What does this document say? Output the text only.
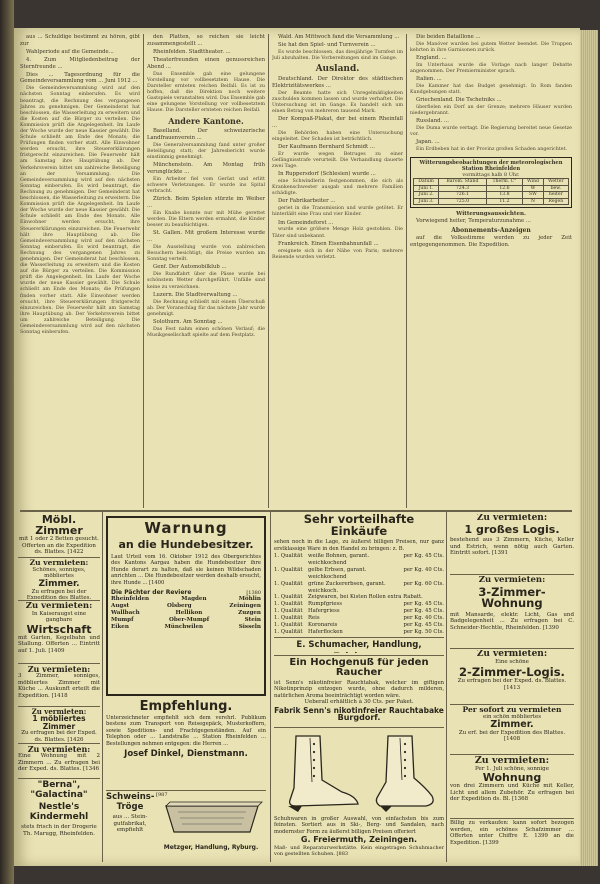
aus ... Schuldige bestimmt zu hören, gibt zur

Wahlperiode auf die Gemeinde...

4. Zum Mitgliedenbeitrag der Sternfreunde ...

Dies ... Tagesordnung für die Gemeindeversammlung vom ... Juni 1912 ...

Die Gemeindeversammlung wird auf den nächsten Sonntag einberufen. Es wird beantragt, die Rechnung des vergangenen Jahres zu genehmigen. Der Gemeinderat hat beschlossen, die Wasserleitung zu erweitern und die Kosten auf die Bürger zu verteilen. Die Kommission prüft die Angelegenheit. Im Laufe der Woche wurde der neue Kassier gewählt. Die Schule schließt am Ende des Monats; die Prüfungen finden vorher statt. Alle Einwohner werden ersucht, ihre Steuererklärungen fristgerecht einzureichen. Die Feuerwehr hält am Samstag ihre Hauptübung ab. Der Verkehrsverein bittet um zahlreiche Beteiligung an der Versammlung. Die Gemeindeversammlung wird auf den nächsten Sonntag einberufen. Es wird beantragt, die Rechnung zu genehmigen. Der Gemeinderat hat beschlossen, die Wasserleitung zu erweitern. Die Kommission prüft die Angelegenheit. Im Laufe der Woche wurde der neue Kassier gewählt. Die Schule schließt am Ende des Monats. Alle Einwohner werden ersucht, ihre Steuererklärungen einzureichen. Die Feuerwehr hält ihre Hauptübung ab. Die Gemeindeversammlung wird auf den nächsten Sonntag einberufen. Es wird beantragt, die Rechnung des vergangenen Jahres zu genehmigen. Der Gemeinderat hat beschlossen, die Wasserleitung zu erweitern und die Kosten auf die Bürger zu verteilen. Die Kommission prüft die Angelegenheit. Im Laufe der Woche wurde der neue Kassier gewählt. Die Schule schließt am Ende des Monats; die Prüfungen finden vorher statt. Alle Einwohner werden ersucht, ihre Steuererklärungen fristgerecht einzureichen. Die Feuerwehr hält am Samstag ihre Hauptübung ab. Der Verkehrsverein bittet um zahlreiche Beteiligung. Die Gemeindeversammlung wird auf den nächsten Sonntag einberufen.

den Platten, so reichen sie leicht zusammengestellt ...

Rheinfelden. Stadttheater. ...

Theaterfreunden einen genussreichen Abend ...

Das Ensemble gab eine gelungene Vorstellung vor vollbesetztem Hause. Die Darsteller ernteten reichen Beifall. Es ist zu hoffen, daß die Direktion noch weitere Gastspiele veranstalten wird. Das Ensemble gab eine gelungene Vorstellung vor vollbesetztem Hause. Die Darsteller ernteten reichen Beifall.

Andere Kantone.

Baselland. Der schweizerische Landfrauenverein ...

Die Generalversammlung fand unter großer Beteiligung statt; der Jahresbericht wurde einstimmig genehmigt.

Münchenstein. Am Montag früh verunglückte ...

Ein Arbeiter fiel vom Gerüst und erlitt schwere Verletzungen. Er wurde ins Spital verbracht.

Zürich. Beim Spielen stürzte im Weiher ...

Ein Knabe konnte nur mit Mühe gerettet werden. Die Eltern werden ermahnt, die Kinder besser zu beaufsichtigen.

St. Gallen. Mit großem Interesse wurde ...

Die Ausstellung wurde von zahlreichen Besuchern besichtigt; die Preise wurden am Sonntag verteilt.

Genf. Der Automobilklub ...

Die Rundfahrt über die Pässe wurde bei schönstem Wetter durchgeführt. Unfälle sind keine zu verzeichnen.

Luzern. Die Stadtverwaltung ...

Die Rechnung schließt mit einem Überschuß ab. Der Voranschlag für das nächste Jahr wurde genehmigt.

Solothurn. Am Sonntag ...

Das Fest nahm einen schönen Verlauf; die Musikgesellschaft spielte auf dem Festplatz.

Wald. Am Mittwoch fand die Versammlung ...

Sie hat den Spiel- und Turnverein ...

Es wurde beschlossen, das diesjährige Turnfest im Juli abzuhalten. Die Vorbereitungen sind im Gange.

Ausland.

Deutschland. Der Direktor des städtischen Elektrizitätswerkes ...

Der Beamte hatte sich Unregelmäßigkeiten zuschulden kommen lassen und wurde verhaftet. Die Untersuchung ist im Gange. Es handelt sich um einen Betrag von mehreren tausend Mark.

Der Kompaß-Plakat, der bei einem Rheinfall ...

Die Behörden haben eine Untersuchung eingeleitet. Der Schaden ist beträchtlich.

Der Kaufmann Bernhard Schmidt ...

Er wurde wegen Betruges zu einer Gefängnisstrafe verurteilt. Die Verhandlung dauerte zwei Tage.

In Ruppersdorf (Schlesien) wurde ...

eine Schwindlerin festgenommen, die sich als Krankenschwester ausgab und mehrere Familien schädigte.

Der Fabrikarbeiter ...

geriet in die Transmission und wurde getötet. Er hinterläßt eine Frau und vier Kinder.

Im Gemeindeforst ...

wurde eine größere Menge Holz gestohlen. Die Täter sind unbekannt.

Frankreich. Einen Eisenbahnunfall ...

ereignete sich in der Nähe von Paris; mehrere Reisende wurden verletzt.

Die beiden Bataillone ...

Die Manöver wurden bei gutem Wetter beendet. Die Truppen kehrten in ihre Garnisonen zurück.

England. ...

Im Unterhaus wurde die Vorlage nach langer Debatte angenommen. Der Premierminister sprach.

Italien. ...

Die Kammer hat das Budget genehmigt. In Rom fanden Kundgebungen statt.

Griechenland. Die Tschetniks ...

überfielen ein Dorf an der Grenze; mehrere Häuser wurden niedergebrannt.

Russland. ...

Die Duma wurde vertagt. Die Regierung bereitet neue Gesetze vor.

Japan. ...

Ein Erdbeben hat in der Provinz großen Schaden angerichtet.

Witterungsbeobachtungen der meteorologischen Station Rheinfelden
vormittags halb 8 Uhr.
Datum	Barom. Stand	Therm. C°	Wind	Wetter
Juni 1.	724.3	12.6	W	bew.
Juni 2.	726.1	13.8	SW	heiter
Juni 3.	725.0	11.2	N	Regen
Witterungsaussichten.

Vorwiegend heiter, Temperaturzunahme ...

Abonnements-Anzeigen

auf die Volksstimme werden zu jeder Zeit entgegengenommen. Die Expedition.

Möbl. Zimmer
mit 1 oder 2 Betten gesucht. Offerten an die Expedition ds. Blattes. [1422
Zu vermieten:
Schönes, sonniges, möbliertes
Zimmer.
Zu erfragen bei der Expedition des Blattes.
Zu vermieten:
In Kaiseraugst eine gangbare
Wirtschaft
mit Garten, Kegelbahn und Stallung. Offerten ... Eintritt auf 1. Juli. [1409
Zu vermieten:
3 Zimmer, sonniges, möbliertes Zimmer mit Küche ... Auskunft erteilt die Expedition. [1418
Zu vermieten:
1 möbliertes Zimmer
Zu erfragen bei der Exped. ds. Blattes. [1426
Zu vermieten:
Eine Wohnung mit 2 Zimmern ... Zu erfragen bei der Exped. ds. Blattes. [1346
"Berna", "Galactina"
Nestle's Kindermehl
stets frisch in der Drogerie Th. Marugg, Rheinfelden.
Warnung
an die Hundebesitzer.
Laut Urteil vom 16. Oktober 1912 des Obergerichtes des Kantons Aargau haben die Hundebesitzer ihre Hunde derart zu halten, daß sie keinen Wildschaden anrichten ... Die Hundebesitzer werden deshalb ersucht, ihre Hunde ... [1400
Die Pächter der Reviere	[1380
Rheinfelden	Magden	Möhlin
Augst	Olsberg	Zeiningen
Wallbach	Hellikon	Zuzgen
Mumpf	Ober-Mumpf	Stein
Eiken	Münchwilen	Sisseln
Empfehlung.
Unterzeichneter empfiehlt sich dem verehrl. Publikum bestens zum Transport von Reisegepäck, Musterkoffern, sowie Speditions- und Frachtgegenständen. Auf ein Telephon oder ... Landstraße ... Station Rheinfelden ... Bestellungen nehmen entgegen: die Herren ...
Josef Dinkel, Dienstmann.
Schweins-Tröge
aus ... Stein- gutfabrikat, empfiehlt
[987
Metzger, Handlung, Ryburg.
Sehr vorteilhafte Einkäufe
sehen noch in die Lage, zu äußerst billigen Preisen, nur ganz erstklassige Ware in den Handel zu bringen: z. B.
1. Qualität	weiße Bohnen, garant. weichkochend
per Kg. 45 Cts.
1. Qualität	gelbe Erbsen, garant. weichkochend
per Kg. 40 Cts.
1. Qualität	grüne Zuckererbsen, garant. weichkoch.
per Kg. 60 Cts.
1. Qualität	Zeigwaren, bei Kisten Rollen extra Rabatt.
1. Qualität	Rumpfgriess	per Kg. 45 Cts.
1. Qualität	Hafergriess	per Kg. 45 Cts.
1. Qualität	Reis	per Kg. 40 Cts.
1. Qualität	Koronareis	per Kg. 45 Cts.
1. Qualität	Haferflocken	per Kg. 50 Cts.
E. Schumacher, Handlung,
Ein Hochgenuß für jeden Raucher
ist Senn's nikotinfreier Rauchtabak, welcher im giftigen Nikotinprinzip entzogen wurde, ohne dadurch milderen, natürlichen Aroma beeinträchtigt worden wäre.
Ueberall erhältlich à 30 Cts. per Paket.
Fabrik Senn's nikotinfreier Rauchtabake
Burgdorf.
Schuhwaren in großer Auswahl, von einfachsten bis zum feinsten. Sortiert aus in Ski-, Berg- und Sandalen, nach modernster Form zu äußerst billigen Preisen offeriert
G. Freiermuth, Zeiningen.
Maß- und Reparaturwerkstätte. Kein eingetragen Schuhmacher von gestellten Schuhen. [883
Zu vermieten:
1 großes Logis.
bestehend aus 3 Zimmern, Küche, Keller und Estrich, wenn nötig auch Garten. Eintritt sofort. [1391
Zu vermieten:
3-Zimmer-Wohnung
mit Mansarde, elektr. Licht, Gas und Badgelegenheit ... Zu erfragen bei C. Schneider-Hechtle, Rheinfelden. [1390
Zu vermieten:
Eine schöne
2-Zimmer-Logis.
Zu erfragen bei der Exped. ds. Blattes. [1413
Per sofort zu vermieten
ein schön möbliertes
Zimmer.
Zu erf. bei der Expedition des Blattes. [1408
Zu vermieten:
Per 1. Juli schöne, sonnige
Wohnung
von drei Zimmern und Küche mit Keller, Licht und allem Zubehör. Zu erfragen bei der Expedition ds. Bl. [1368
Billig zu verkaufen: kann sofort bezogen werden, ein schönes Schafzimmer ... Offerten unter Chiffre E. 1399 an die Expedition. [1399
